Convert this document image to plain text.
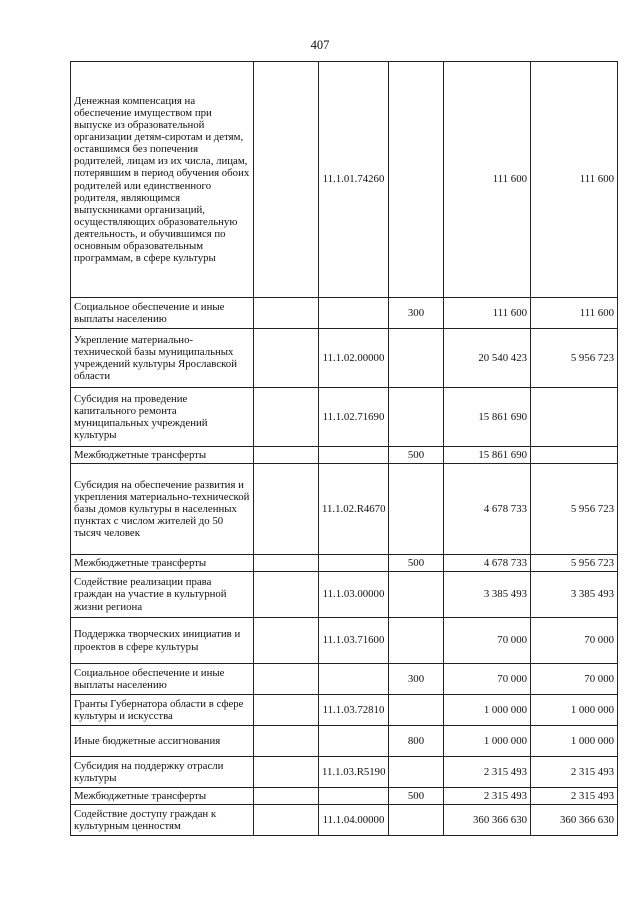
407
Денежная компенсация на обеспечение имуществом при выпуске из образовательной организации детям-сиротам и детям, оставшимся без попечения родителей, лицам из их числа, лицам, потерявшим в период обучения обоих родителей или единственного родителя, являющимся выпускниками организаций, осуществляющих образовательную деятельность, и обучившимся по основным образовательным программам, в сфере культуры		11.1.01.74260		111 600	111 600
Социальное обеспечение и иные выплаты населению			300	111 600	111 600
Укрепление материально-технической базы муниципальных учреждений культуры Ярославской области		11.1.02.00000		20 540 423	5 956 723
Субсидия на проведение капитального ремонта муниципальных учреждений культуры		11.1.02.71690		15 861 690	
Межбюджетные трансферты			500	15 861 690	
Субсидия на обеспечение развития и укрепления материально-технической базы домов культуры в населенных пунктах с числом жителей до 50 тысяч человек		11.1.02.R4670		4 678 733	5 956 723
Межбюджетные трансферты			500	4 678 733	5 956 723
Содействие реализации права граждан на участие в культурной жизни региона		11.1.03.00000		3 385 493	3 385 493
Поддержка творческих инициатив и проектов в сфере культуры		11.1.03.71600		70 000	70 000
Социальное обеспечение и иные выплаты населению			300	70 000	70 000
Гранты Губернатора области в сфере культуры и искусства		11.1.03.72810		1 000 000	1 000 000
Иные бюджетные ассигнования			800	1 000 000	1 000 000
Субсидия на поддержку отрасли культуры		11.1.03.R5190		2 315 493	2 315 493
Межбюджетные трансферты			500	2 315 493	2 315 493
Содействие доступу граждан к культурным ценностям		11.1.04.00000		360 366 630	360 366 630
